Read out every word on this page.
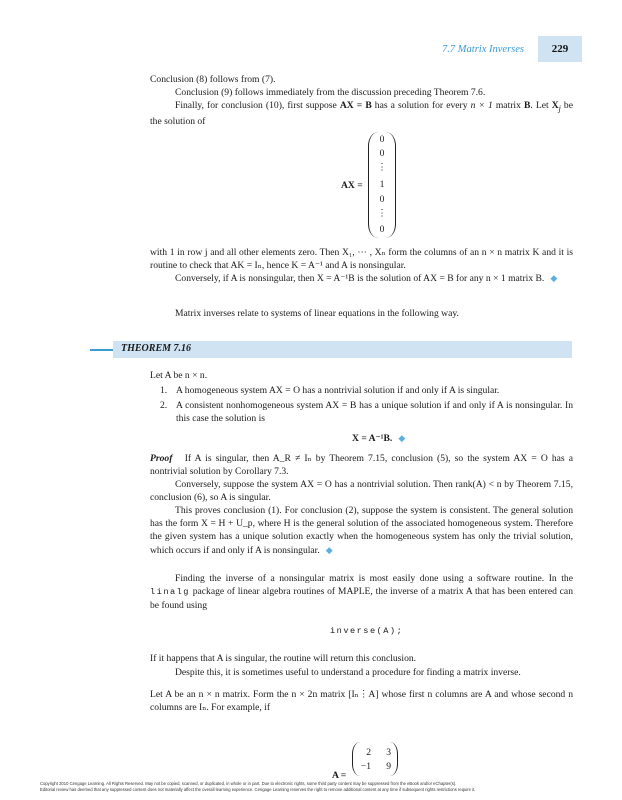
7.7 Matrix Inverses	229
Conclusion (8) follows from (7).
Conclusion (9) follows immediately from the discussion preceding Theorem 7.6.
Finally, for conclusion (10), first suppose AX = B has a solution for every n × 1 matrix B. Let $X_j$ be the solution of
AX =
0
0
⋮
1
0
⋮
0
with 1 in row j and all other elements zero. Then X₁, ⋯ , Xₙ form the columns of an n × n matrix K and it is routine to check that AK = Iₙ, hence K = A⁻¹ and A is nonsingular.
Conversely, if A is nonsingular, then X = A⁻¹B is the solution of AX = B for any n × 1 matrix B. ◆
Matrix inverses relate to systems of linear equations in the following way.
THEOREM 7.16
Let A be n × n.
1. A homogeneous system AX = O has a nontrivial solution if and only if A is singular.
2. A consistent nonhomogeneous system AX = B has a unique solution if and only if A is nonsingular. In this case the solution is
X = A⁻¹B. ◆
Proof If A is singular, then A_R ≠ Iₙ by Theorem 7.15, conclusion (5), so the system AX = O has a nontrivial solution by Corollary 7.3.
Conversely, suppose the system AX = O has a nontrivial solution. Then rank(A) < n by Theorem 7.15, conclusion (6), so A is singular.
This proves conclusion (1). For conclusion (2), suppose the system is consistent. The general solution has the form X = H + U_p, where H is the general solution of the associated homogeneous system. Therefore the given system has a unique solution exactly when the homogeneous system has only the trivial solution, which occurs if and only if A is nonsingular. ◆
Finding the inverse of a nonsingular matrix is most easily done using a software routine. In the linalg package of linear algebra routines of MAPLE, the inverse of a matrix A that has been entered can be found using
inverse(A);
If it happens that A is singular, the routine will return this conclusion.
Despite this, it is sometimes useful to understand a procedure for finding a matrix inverse.
Let A be an n × n matrix. Form the n × 2n matrix [Iₙ⋮A] whose first n columns are A and whose second n columns are Iₙ. For example, if
A =
2	3
−1	9
Copyright 2010 Cengage Learning. All Rights Reserved. May not be copied, scanned, or duplicated, in whole or in part. Due to electronic rights, some third party content may be suppressed from the eBook and/or eChapter(s).
Editorial review has deemed that any suppressed content does not materially affect the overall learning experience. Cengage Learning reserves the right to remove additional content at any time if subsequent rights restrictions require it.
